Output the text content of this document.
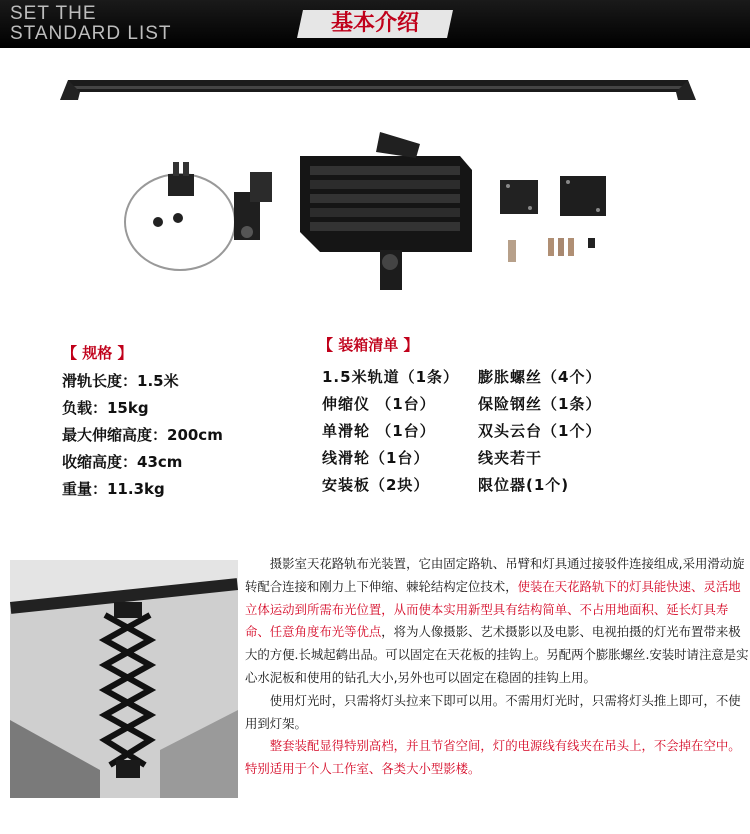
SET THE
STANDARD LIST	基本介绍
【 规格 】
滑轨长度：1.5米
负载：15kg
最大伸缩高度：200cm
收缩高度：43cm
重量：11.3kg
【 装箱清单 】
1.5米轨道（1条）
伸缩仪 （1台）
单滑轮 （1台）
线滑轮（1台）
安装板（2块）
膨胀螺丝（4个）
保险钢丝（1条）
双头云台（1个）
线夹若干
限位器(1个)

　　摄影室天花路轨布光装置，它由固定路轨、吊臂和灯具通过接驳件连接组成,采用滑动旋转配合连接和刚力上下伸缩、棘轮结构定位技术，使装在天花路轨下的灯具能快速、灵活地立体运动到所需布光位置，从而使本实用新型具有结构简单、不占用地面积、延长灯具寿命、任意角度布光等优点，将为人像摄影、艺术摄影以及电影、电视拍摄的灯光布置带来极大的方便.长城起鹤出品。可以固定在天花板的挂钩上。另配两个膨胀螺丝.安装时请注意是实心水泥板和使用的钻孔大小,另外也可以固定在稳固的挂钩上用。

　　使用灯光时，只需将灯头拉来下即可以用。不需用灯光时，只需将灯头推上即可，不使用到灯架。

　　整套装配显得特别高档，并且节省空间，灯的电源线有线夹在吊头上，不会掉在空中。特别适用于个人工作室、各类大小型影楼。
